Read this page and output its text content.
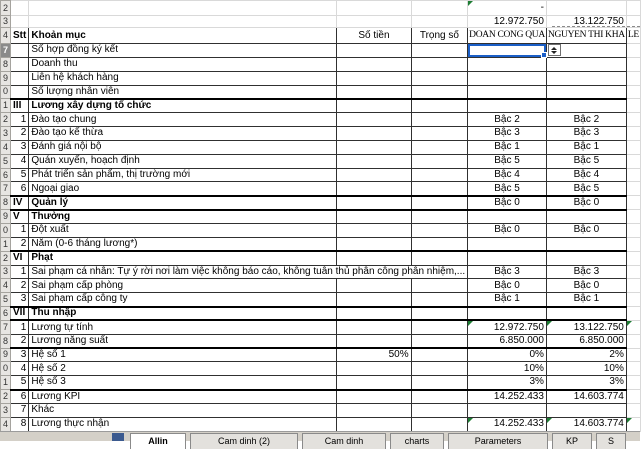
2					-

3					12.972.750	13.122.750	
4	Stt	Khoản mục	Số tiền	Trọng số	DOAN CONG QUA	NGUYEN THI KHA	LE
7		Số hợp đồng ký kết			

8		Doanh thu					
9		Liên hệ khách hàng					
0		Số lượng nhân viên					
1	III	Lương xây dựng tổ chức					
2	1	Đào tạo chung			Bậc 2	Bậc 2	
3	2	Đào tạo kế thừa			Bậc 3	Bậc 3	
4	3	Đánh giá nội bộ			Bậc 1	Bậc 1	
5	4	Quán xuyến, hoạch định			Bậc 5	Bậc 5	
6	5	Phát triển sản phẩm, thị trường mới			Bậc 4	Bậc 4	
7	6	Ngoại giao			Bậc 5	Bậc 5	
8	IV	Quản lý			Bậc 0	Bậc 0	
9	V	Thưởng					
0	1	Đột xuất			Bậc 0	Bậc 0	
1	2	Năm (0-6 tháng lương*)					
2	VI	Phạt					
3	1	Sai phạm cá nhân: Tự ý rời nơi làm việc không báo cáo, không tuân thủ phân công phân nhiệm,...			Bậc 3	Bậc 3	
4	2	Sai phạm cấp phòng			Bậc 0	Bậc 0	
5	3	Sai phạm cấp công ty			Bậc 1	Bậc 1	
6	VII	Thu nhập					
7	1	Lương tự tính			12.972.750	13.122.750

8	2	Lương năng suất			6.850.000	6.850.000	
9	3	Hệ số 1	50%		0%	2%	
0	4	Hệ số 2			10%	10%	
1	5	Hệ số 3			3%	3%	
2	6	Lương KPI			14.252.433	14.603.774	
3	7	Khác					
4	8	Lương thực nhận			14.252.433	14.603.774

Allin	Cam dinh (2)	Cam dinh	charts	Parameters	KP	S
